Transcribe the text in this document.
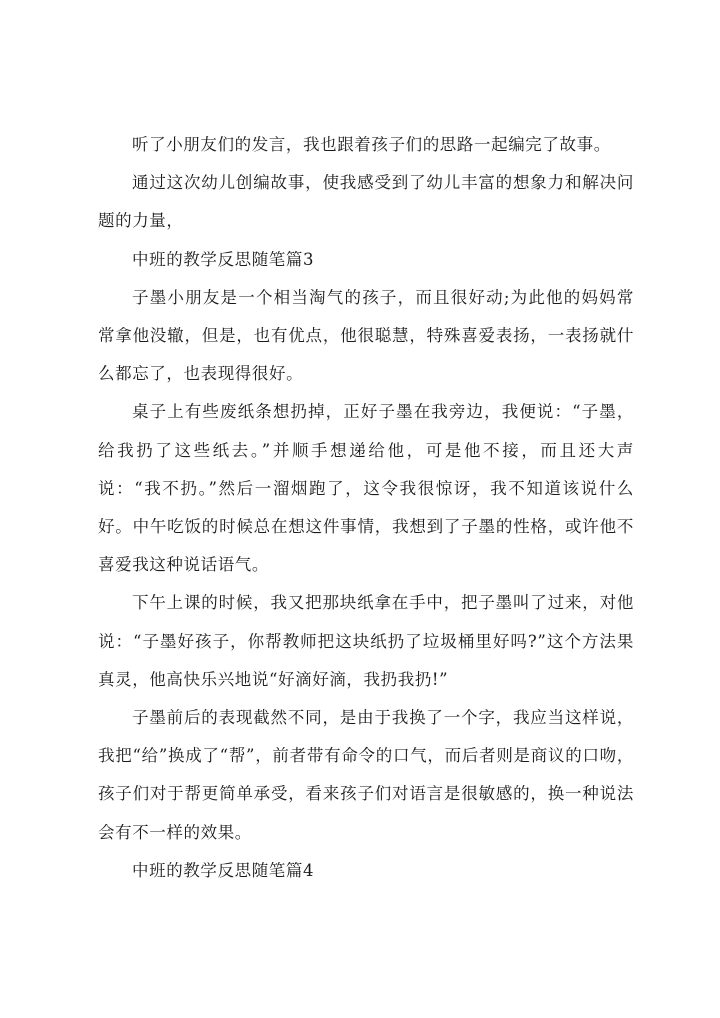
听了小朋友们的发言，我也跟着孩子们的思路一起编完了故事。

通过这次幼儿创编故事，使我感受到了幼儿丰富的想象力和解决问题的力量，

中班的教学反思随笔篇3

子墨小朋友是一个相当淘气的孩子，而且很好动;为此他的妈妈常常拿他没辙，但是，也有优点，他很聪慧，特殊喜爱表扬，一表扬就什么都忘了，也表现得很好。

桌子上有些废纸条想扔掉，正好子墨在我旁边，我便说：“子墨，给我扔了这些纸去。”并顺手想递给他，可是他不接，而且还大声说：“我不扔。”然后一溜烟跑了，这令我很惊讶，我不知道该说什么好。中午吃饭的时候总在想这件事情，我想到了子墨的性格，或许他不喜爱我这种说话语气。

下午上课的时候，我又把那块纸拿在手中，把子墨叫了过来，对他说：“子墨好孩子，你帮教师把这块纸扔了垃圾桶里好吗?”这个方法果真灵，他高快乐兴地说“好滴好滴，我扔我扔!”

子墨前后的表现截然不同，是由于我换了一个字，我应当这样说，我把“给”换成了“帮”，前者带有命令的口气，而后者则是商议的口吻，孩子们对于帮更简单承受，看来孩子们对语言是很敏感的，换一种说法会有不一样的效果。

中班的教学反思随笔篇4
